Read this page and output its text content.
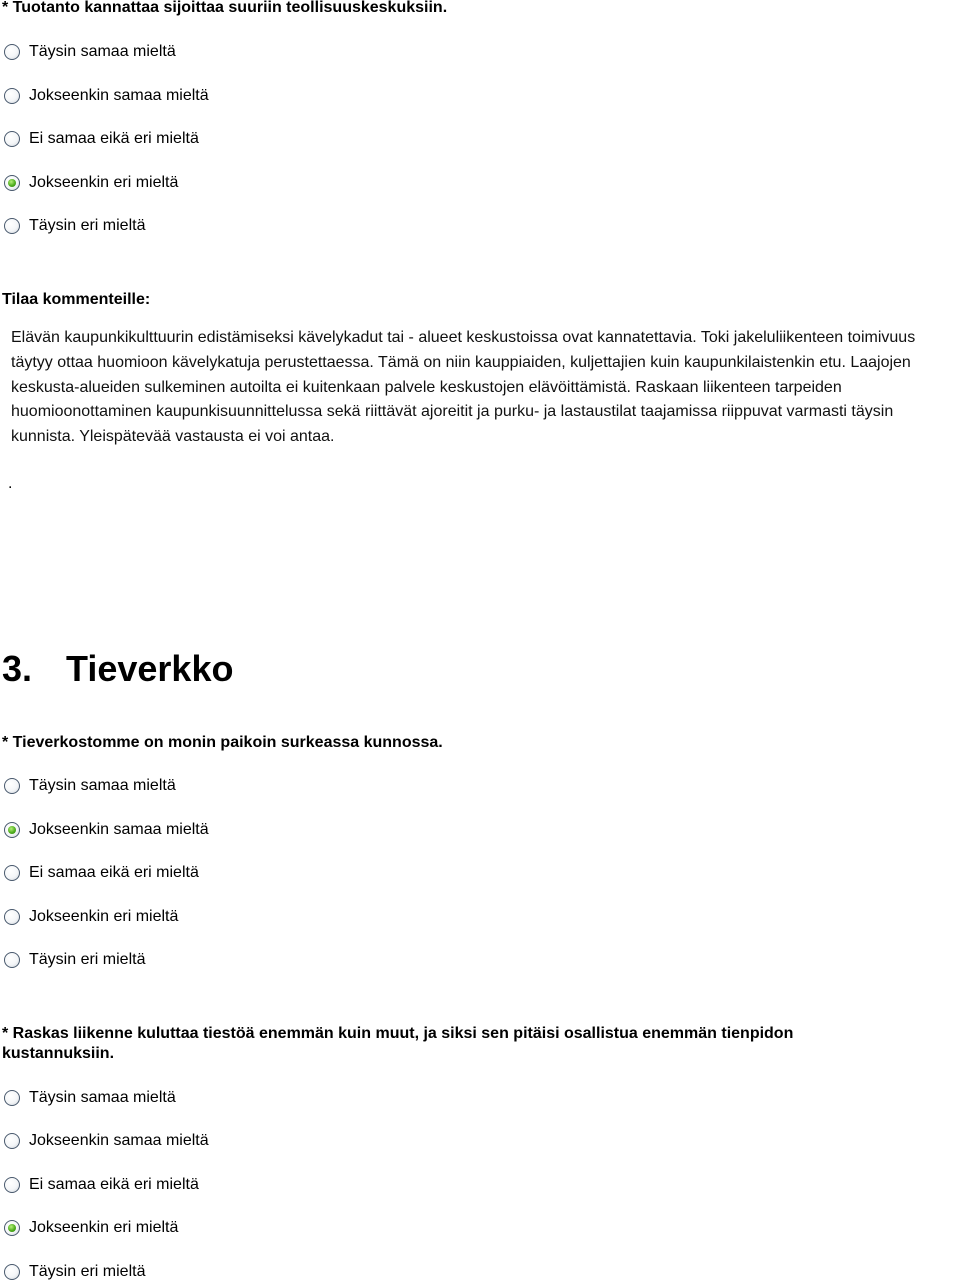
* Tuotanto kannattaa sijoittaa suuriin teollisuuskeskuksiin.
Täysin samaa mieltä
Jokseenkin samaa mieltä
Ei samaa eikä eri mieltä
Jokseenkin eri mieltä
Täysin eri mieltä
Tilaa kommenteille:
Elävän kaupunkikulttuurin edistämiseksi kävelykadut tai - alueet keskustoissa ovat kannatettavia. Toki jakeluliikenteen toimivuus täytyy ottaa huomioon kävelykatuja perustettaessa. Tämä on niin kauppiaiden, kuljettajien kuin kaupunkilaistenkin etu. Laajojen keskusta-alueiden sulkeminen autoilta ei kuitenkaan palvele keskustojen elävöittämistä. Raskaan liikenteen tarpeiden huomioonottaminen kaupunkisuunnittelussa sekä riittävät ajoreitit ja purku- ja lastaustilat taajamissa riippuvat varmasti täysin kunnista. Yleispätevää vastausta ei voi antaa.
.
3. Tieverkko
* Tieverkostomme on monin paikoin surkeassa kunnossa.
Täysin samaa mieltä
Jokseenkin samaa mieltä
Ei samaa eikä eri mieltä
Jokseenkin eri mieltä
Täysin eri mieltä
* Raskas liikenne kuluttaa tiestöä enemmän kuin muut, ja siksi sen pitäisi osallistua enemmän tienpidon kustannuksiin.
Täysin samaa mieltä
Jokseenkin samaa mieltä
Ei samaa eikä eri mieltä
Jokseenkin eri mieltä
Täysin eri mieltä
